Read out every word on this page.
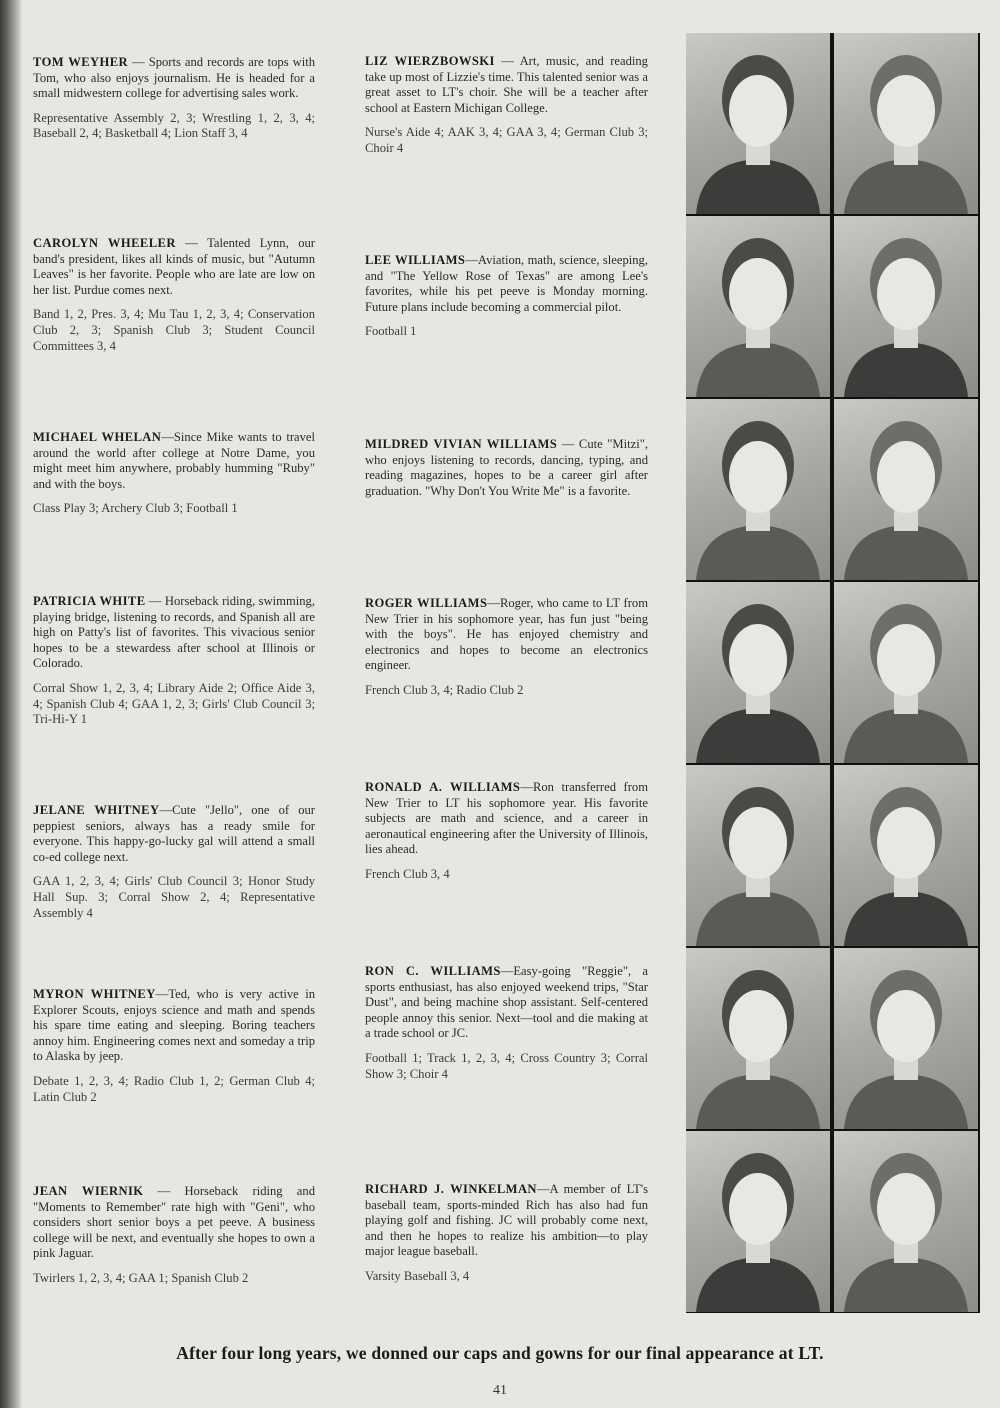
TOM WEYHER — Sports and records are tops with Tom, who also enjoys journalism. He is headed for a small midwestern college for advertising sales work.

Representative Assembly 2, 3; Wrestling 1, 2, 3, 4; Baseball 2, 4; Basketball 4; Lion Staff 3, 4

CAROLYN WHEELER — Talented Lynn, our band's president, likes all kinds of music, but "Autumn Leaves" is her favorite. People who are late are low on her list. Purdue comes next.

Band 1, 2, Pres. 3, 4; Mu Tau 1, 2, 3, 4; Conservation Club 2, 3; Spanish Club 3; Student Council Committees 3, 4

MICHAEL WHELAN—Since Mike wants to travel around the world after college at Notre Dame, you might meet him anywhere, probably humming "Ruby" and with the boys.

Class Play 3; Archery Club 3; Football 1

PATRICIA WHITE — Horseback riding, swimming, playing bridge, listening to records, and Spanish all are high on Patty's list of favorites. This vivacious senior hopes to be a stewardess after school at Illinois or Colorado.

Corral Show 1, 2, 3, 4; Library Aide 2; Office Aide 3, 4; Spanish Club 4; GAA 1, 2, 3; Girls' Club Council 3; Tri-Hi-Y 1

JELANE WHITNEY—Cute "Jello", one of our peppiest seniors, always has a ready smile for everyone. This happy-go-lucky gal will attend a small co-ed college next.

GAA 1, 2, 3, 4; Girls' Club Council 3; Honor Study Hall Sup. 3; Corral Show 2, 4; Representative Assembly 4

MYRON WHITNEY—Ted, who is very active in Explorer Scouts, enjoys science and math and spends his spare time eating and sleeping. Boring teachers annoy him. Engineering comes next and someday a trip to Alaska by jeep.

Debate 1, 2, 3, 4; Radio Club 1, 2; German Club 4; Latin Club 2

JEAN WIERNIK — Horseback riding and "Moments to Remember" rate high with "Geni", who considers short senior boys a pet peeve. A business college will be next, and eventually she hopes to own a pink Jaguar.

Twirlers 1, 2, 3, 4; GAA 1; Spanish Club 2

LIZ WIERZBOWSKI — Art, music, and reading take up most of Lizzie's time. This talented senior was a great asset to LT's choir. She will be a teacher after school at Eastern Michigan College.

Nurse's Aide 4; AAK 3, 4; GAA 3, 4; German Club 3; Choir 4

LEE WILLIAMS—Aviation, math, science, sleeping, and "The Yellow Rose of Texas" are among Lee's favorites, while his pet peeve is Monday morning. Future plans include becoming a commercial pilot.

Football 1

MILDRED VIVIAN WILLIAMS — Cute "Mitzi", who enjoys listening to records, dancing, typing, and reading magazines, hopes to be a career girl after graduation. "Why Don't You Write Me" is a favorite.

ROGER WILLIAMS—Roger, who came to LT from New Trier in his sophomore year, has fun just "being with the boys". He has enjoyed chemistry and electronics and hopes to become an electronics engineer.

French Club 3, 4; Radio Club 2

RONALD A. WILLIAMS—Ron transferred from New Trier to LT his sophomore year. His favorite subjects are math and science, and a career in aeronautical engineering after the University of Illinois, lies ahead.

French Club 3, 4

RON C. WILLIAMS—Easy-going "Reggie", a sports enthusiast, has also enjoyed weekend trips, "Star Dust", and being machine shop assistant. Self-centered people annoy this senior. Next—tool and die making at a trade school or JC.

Football 1; Track 1, 2, 3, 4; Cross Country 3; Corral Show 3; Choir 4

RICHARD J. WINKELMAN—A member of LT's baseball team, sports-minded Rich has also had fun playing golf and fishing. JC will probably come next, and then he hopes to realize his ambition—to play major league baseball.

Varsity Baseball 3, 4

After four long years, we donned our caps and gowns for our final appearance at LT.
41
